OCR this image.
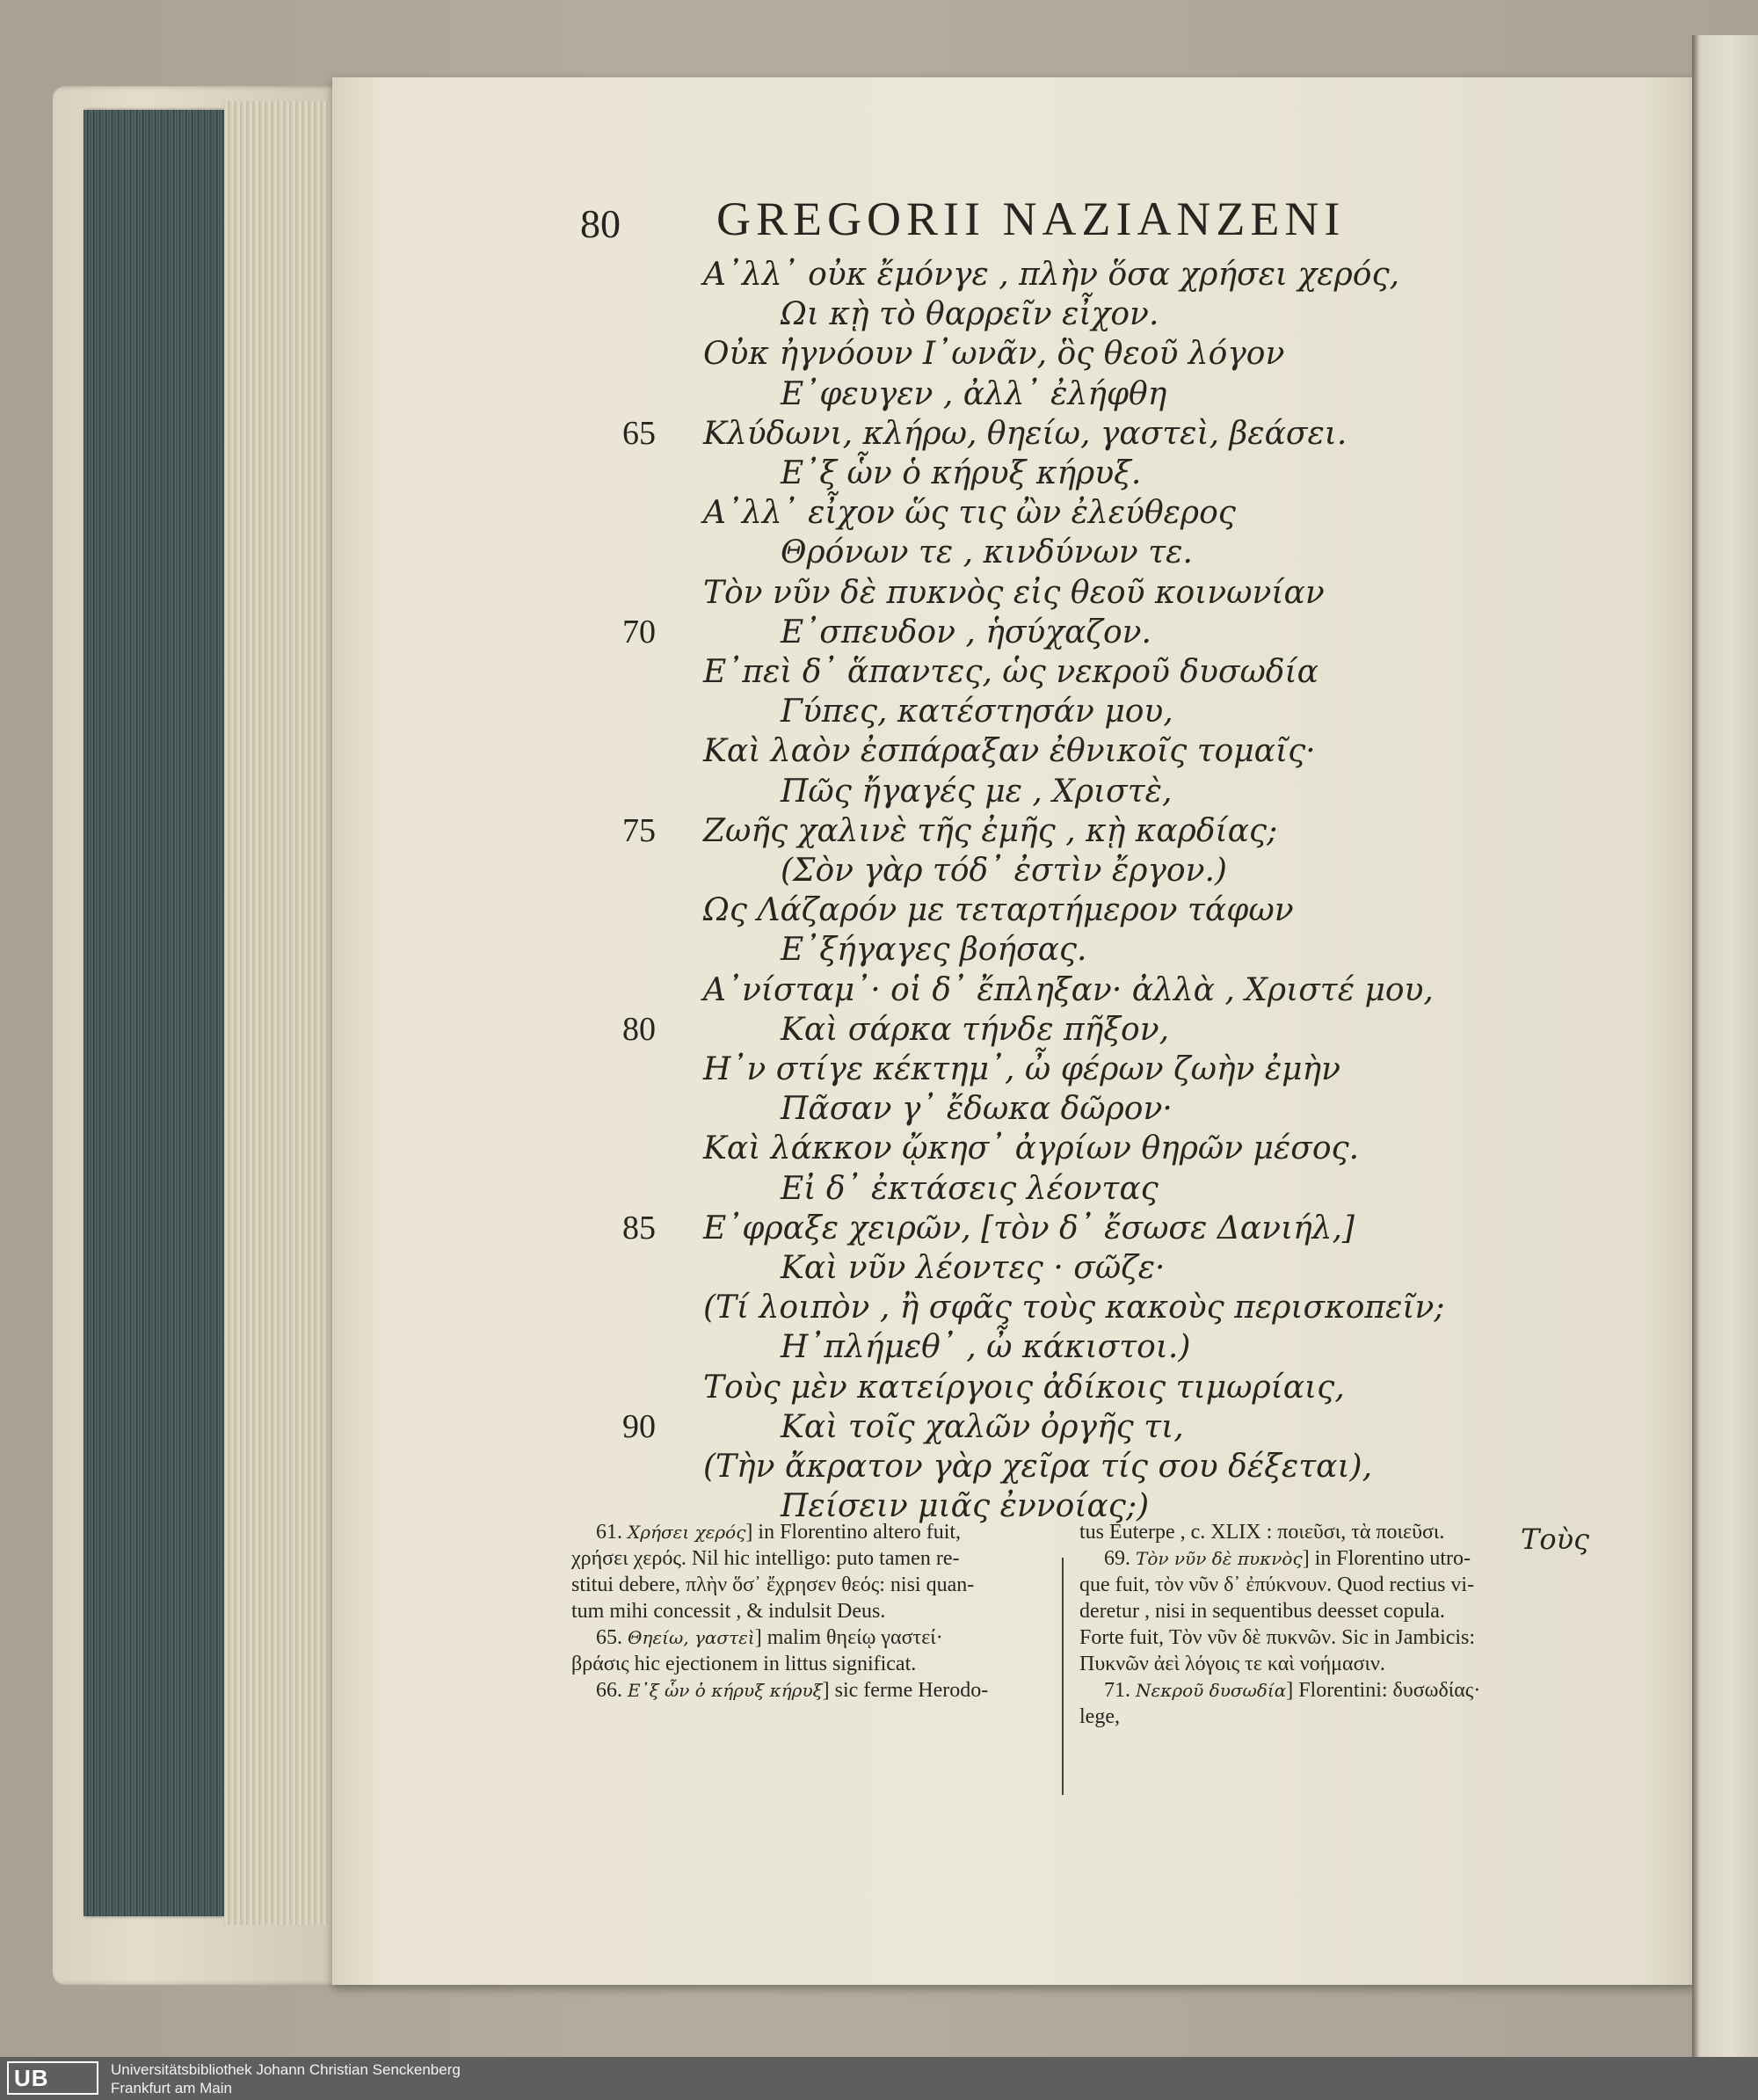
80 GREGORII NAZIANZENI
Α᾽λλ᾽ οὐκ ἔμόνγε , πλὴν ὅσα χρήσει χερός,
Ωι κῂ τὸ θαρρεῖν εἶχον.
Οὐκ ἠγνόουν Ι᾽ωνᾶν, ὃς θεοῦ λόγον
Ε᾽φευγεν , ἀλλ᾽ ἐλήφθη
65 Κλύδωνι, κλήρω, θηείω, γαστεὶ, βεάσει.
Ε᾽ξ ὧν ὁ κήρυξ κήρυξ.
Α᾽λλ᾽ εἶχον ὥς τις ὢν ἐλεύθερος
Θρόνων τε , κινδύνων τε.
Τὸν νῦν δὲ πυκνὸς εἰς θεοῦ κοινωνίαν
70	Ε᾽σπευδον , ἡσύχαζον.
Ε᾽πεὶ δ᾽ ἅπαντες, ὡς νεκροῦ δυσωδία
Γύπες, κατέστησάν μου,
Καὶ λαὸν ἐσπάραξαν ἐθνικοῖς τομαῖς·
Πῶς ἤγαγές με , Χριστὲ,
75 Ζωῆς χαλινὲ τῆς ἐμῆς , κῂ καρδίας;
(Σὸν γὰρ τόδ᾽ ἐστὶν ἔργον.)
Ως Λάζαρόν με τεταρτήμερον τάφων
Ε᾽ξήγαγες βοήσας.
Α᾽νίσταμ᾽· οἱ δ᾽ ἔπληξαν· ἀλλὰ , Χριστέ μου,
80	Καὶ σάρκα τήνδε πῆξον,
Η᾽ν στίγε κέκτημ᾽, ὦ φέρων ζωὴν ἐμὴν
Πᾶσαν γ᾽ ἔδωκα δῶρον·
Καὶ λάκκον ᾤκησ᾽ ἀγρίων θηρῶν μέσος.
Εἰ δ᾽ ἐκτάσεις λέοντας
85 Ε᾽φραξε χειρῶν, [τὸν δ᾽ ἔσωσε Δανιήλ,]
Καὶ νῦν λέοντες · σῶζε·
(Τί λοιπὸν , ἢ σφᾶς τοὺς κακοὺς περισκοπεῖν;
Η᾽πλήμεθ᾽ , ὦ κάκιστοι.)
Τοὺς μὲν κατείργοις ἀδίκοις τιμωρίαις,
90	Καὶ τοῖς χαλῶν ὀργῆς τι,
(Τὴν ἄκρατον γὰρ χεῖρα τίς σου δέξεται),
Πείσειν μιᾶς ἐννοίας;)
Τοὺς

61. Χρήσει χερός] in Florentino altero fuit,

χρήσει χερός. Nil hic intelligo: puto tamen re-

stitui debere, πλὴν ὅσ᾽ ἔχρησεν θεός: nisi quan-

tum mihi concessit , & indulsit Deus.

65. Θηείω, γαστεὶ] malim θηείῳ γαστεί·

βράσις hic ejectionem in littus significat.

66. Ε᾽ξ ὧν ὁ κήρυξ κήρυξ] sic ferme Herodo-

tus Euterpe , c. XLIX : ποιεῦσι, τὰ ποιεῦσι.

69. Τὸν νῦν δὲ πυκνὸς] in Florentino utro-

que fuit, τὸν νῦν δ᾽ ἐπύκνουν. Quod rectius vi-

deretur , nisi in sequentibus deesset copula.

Forte fuit, Τὸν νῦν δὲ πυκνῶν. Sic in Jambicis:

Πυκνῶν ἀεὶ λόγοις τε καὶ νοήμασιν.

71. Νεκροῦ δυσωδία] Florentini: δυσωδίας·

lege,

UB	Universitätsbibliothek Johann Christian Senckenberg
Frankfurt am Main
